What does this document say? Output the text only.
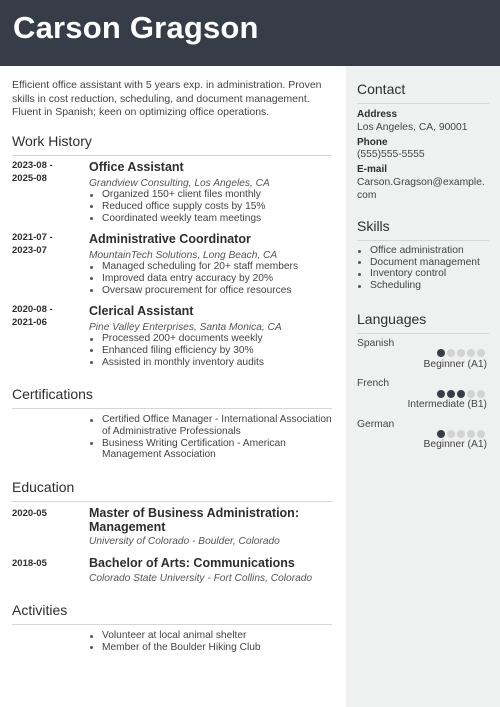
Carson Gragson
Efficient office assistant with 5 years exp. in administration. Proven skills in cost reduction, scheduling, and document management. Fluent in Spanish; keen on optimizing office operations.
Work History
2023-08 -
2025-08
Office Assistant
Grandview Consulting, Los Angeles, CA
Organized 150+ client files monthly
Reduced office supply costs by 15%
Coordinated weekly team meetings
2021-07 -
2023-07
Administrative Coordinator
MountainTech Solutions, Long Beach, CA
Managed scheduling for 20+ staff members
Improved data entry accuracy by 20%
Oversaw procurement for office resources
2020-08 -
2021-06
Clerical Assistant
Pine Valley Enterprises, Santa Monica, CA
Processed 200+ documents weekly
Enhanced filing efficiency by 30%
Assisted in monthly inventory audits
Certifications
Certified Office Manager - International Association of Administrative Professionals
Business Writing Certification - American Management Association
Education
2020-05	Master of Business Administration: Management
University of Colorado - Boulder, Colorado
2018-05	Bachelor of Arts: Communications
Colorado State University - Fort Collins, Colorado
Activities
Volunteer at local animal shelter
Member of the Boulder Hiking Club
Contact
Address
Los Angeles, CA, 90001
Phone
(555)555-5555
E-mail
Carson.Gragson@example.com
Skills
Office administration
Document management
Inventory control
Scheduling
Languages
Spanish
Beginner (A1)
French
Intermediate (B1)
German
Beginner (A1)
